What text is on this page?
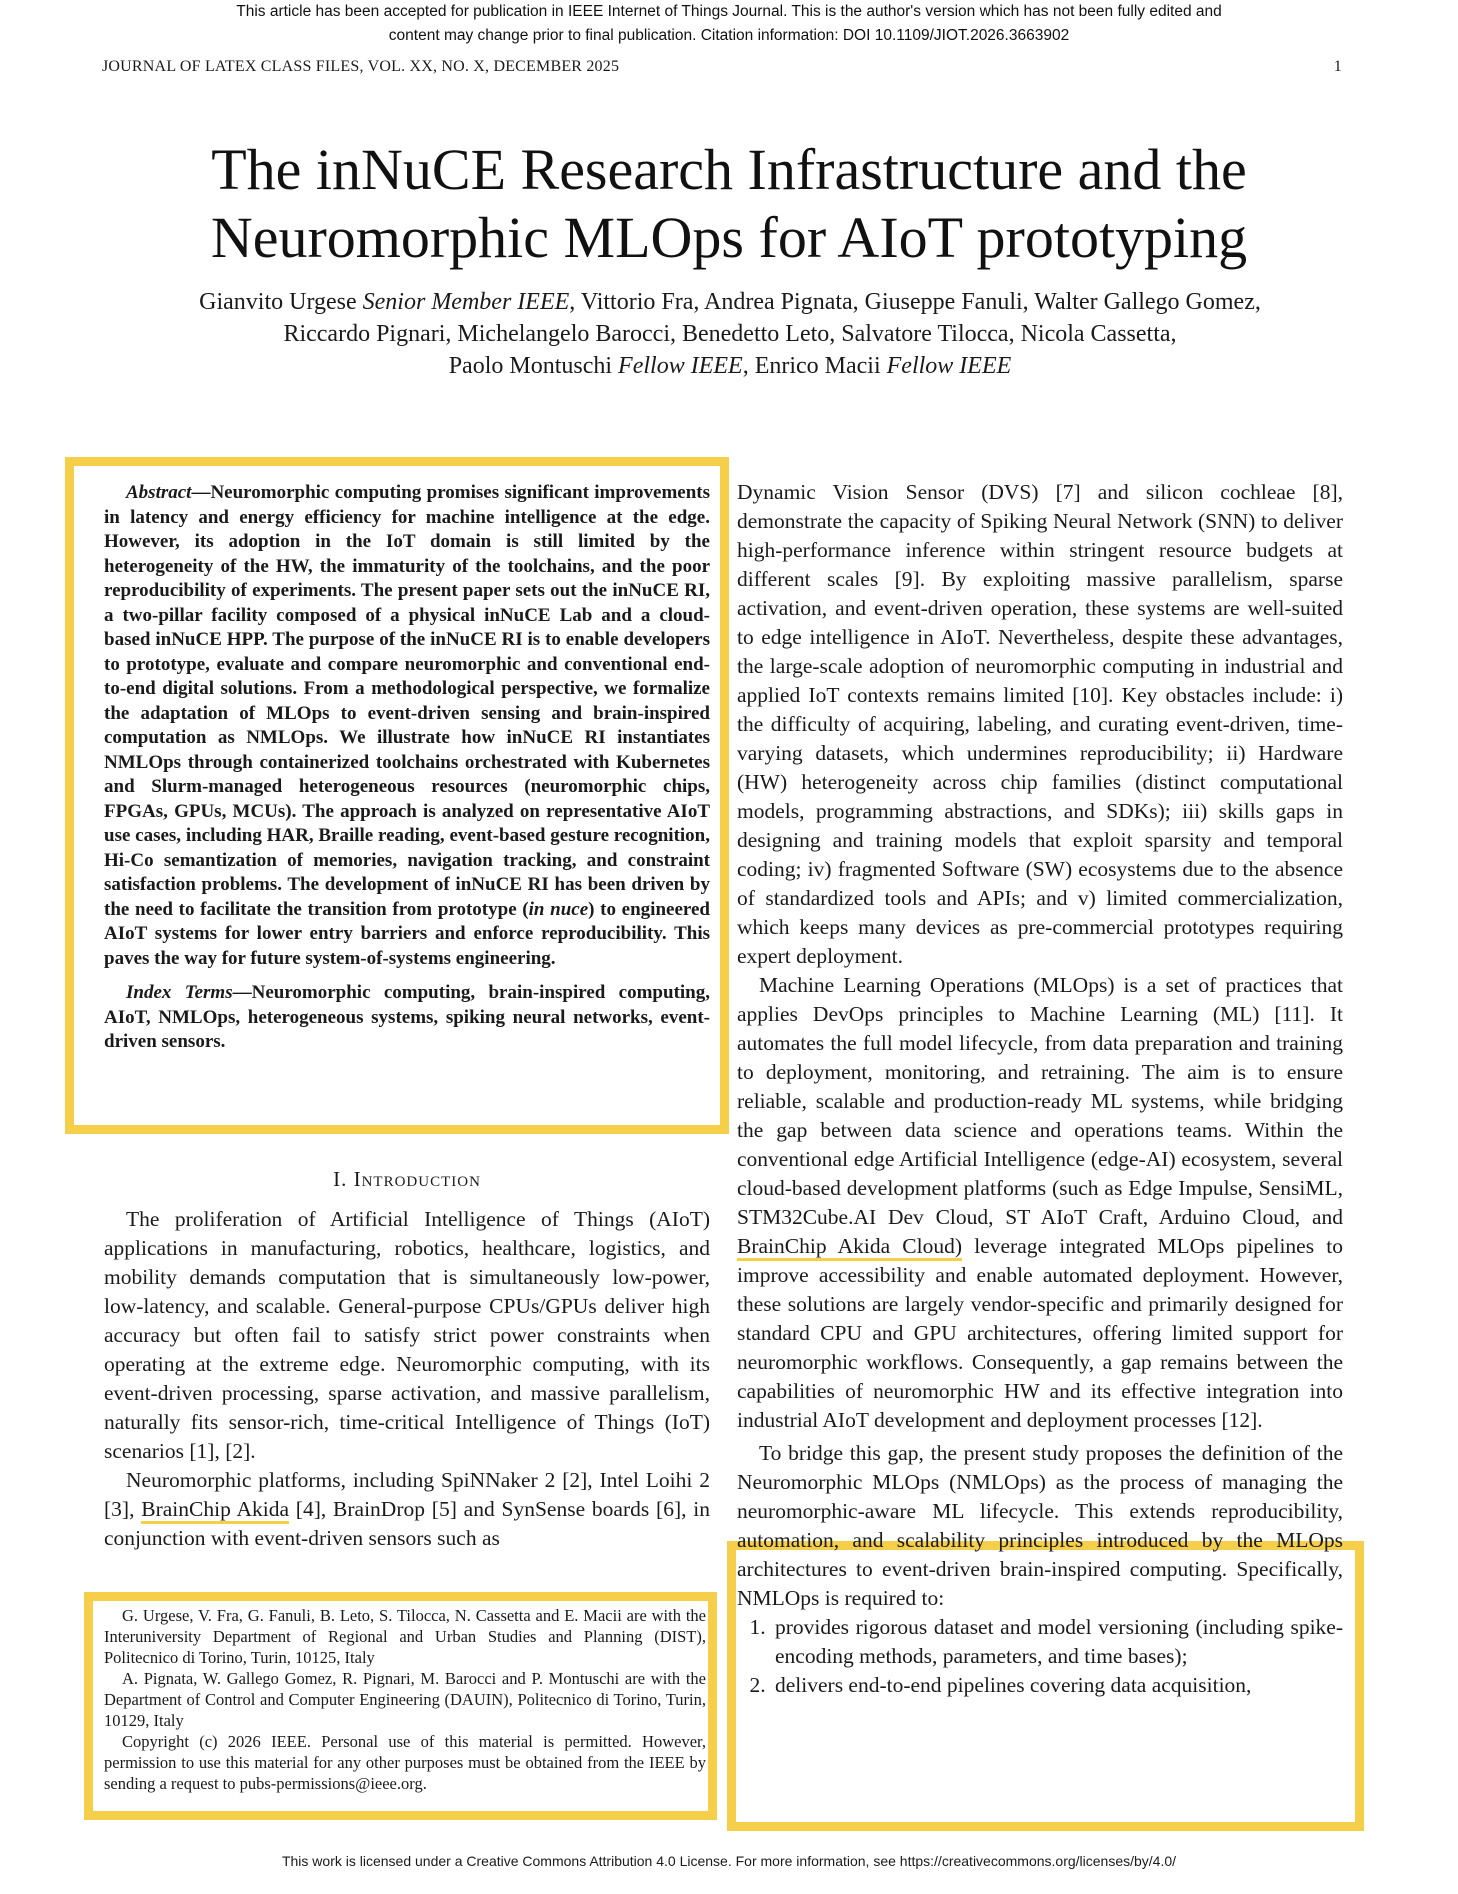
This article has been accepted for publication in IEEE Internet of Things Journal. This is the author's version which has not been fully edited and
content may change prior to final publication. Citation information: DOI 10.1109/JIOT.2026.3663902
JOURNAL OF LATEX CLASS FILES, VOL. XX, NO. X, DECEMBER 2025	1
The inNuCE Research Infrastructure and the
Neuromorphic MLOps for AIoT prototyping
Gianvito Urgese Senior Member IEEE, Vittorio Fra, Andrea Pignata, Giuseppe Fanuli, Walter Gallego Gomez,
Riccardo Pignari, Michelangelo Barocci, Benedetto Leto, Salvatore Tilocca, Nicola Cassetta,
Paolo Montuschi Fellow IEEE, Enrico Macii Fellow IEEE

Abstract—Neuromorphic computing promises significant improvements in latency and energy efficiency for machine intelligence at the edge. However, its adoption in the IoT domain is still limited by the heterogeneity of the HW, the immaturity of the toolchains, and the poor reproducibility of experiments. The present paper sets out the inNuCE RI, a two-pillar facility composed of a physical inNuCE Lab and a cloud-based inNuCE HPP. The purpose of the inNuCE RI is to enable developers to prototype, evaluate and compare neuromorphic and conventional end-to-end digital solutions. From a methodological perspective, we formalize the adaptation of MLOps to event-driven sensing and brain-inspired computation as NMLOps. We illustrate how inNuCE RI instantiates NMLOps through containerized toolchains orchestrated with Kubernetes and Slurm-managed heterogeneous resources (neuromorphic chips, FPGAs, GPUs, MCUs). The approach is analyzed on representative AIoT use cases, including HAR, Braille reading, event-based gesture recognition, Hi-Co semantization of memories, navigation tracking, and constraint satisfaction problems. The development of inNuCE RI has been driven by the need to facilitate the transition from prototype (in nuce) to engineered AIoT systems for lower entry barriers and enforce reproducibility. This paves the way for future system-of-systems engineering.

Index Terms—Neuromorphic computing, brain-inspired computing, AIoT, NMLOps, heterogeneous systems, spiking neural networks, event-driven sensors.

I. Introduction

The proliferation of Artificial Intelligence of Things (AIoT) applications in manufacturing, robotics, healthcare, logistics, and mobility demands computation that is simultaneously low-power, low-latency, and scalable. General-purpose CPUs/GPUs deliver high accuracy but often fail to satisfy strict power constraints when operating at the extreme edge. Neuromorphic computing, with its event-driven processing, sparse activation, and massive parallelism, naturally fits sensor-rich, time-critical Intelligence of Things (IoT) scenarios [1], [2].

Neuromorphic platforms, including SpiNNaker 2 [2], Intel Loihi 2 [3], BrainChip Akida [4], BrainDrop [5] and SynSense boards [6], in conjunction with event-driven sensors such as

G. Urgese, V. Fra, G. Fanuli, B. Leto, S. Tilocca, N. Cassetta and E. Macii are with the Interuniversity Department of Regional and Urban Studies and Planning (DIST), Politecnico di Torino, Turin, 10125, Italy

A. Pignata, W. Gallego Gomez, R. Pignari, M. Barocci and P. Montuschi are with the Department of Control and Computer Engineering (DAUIN), Politecnico di Torino, Turin, 10129, Italy

Copyright (c) 2026 IEEE. Personal use of this material is permitted. However, permission to use this material for any other purposes must be obtained from the IEEE by sending a request to pubs-permissions@ieee.org.

Dynamic Vision Sensor (DVS) [7] and silicon cochleae [8], demonstrate the capacity of Spiking Neural Network (SNN) to deliver high-performance inference within stringent resource budgets at different scales [9]. By exploiting massive parallelism, sparse activation, and event-driven operation, these systems are well-suited to edge intelligence in AIoT. Nevertheless, despite these advantages, the large-scale adoption of neuromorphic computing in industrial and applied IoT contexts remains limited [10]. Key obstacles include: i) the difficulty of acquiring, labeling, and curating event-driven, time-varying datasets, which undermines reproducibility; ii) Hardware (HW) heterogeneity across chip families (distinct computational models, programming abstractions, and SDKs); iii) skills gaps in designing and training models that exploit sparsity and temporal coding; iv) fragmented Software (SW) ecosystems due to the absence of standardized tools and APIs; and v) limited commercialization, which keeps many devices as pre-commercial prototypes requiring expert deployment.

Machine Learning Operations (MLOps) is a set of practices that applies DevOps principles to Machine Learning (ML) [11]. It automates the full model lifecycle, from data preparation and training to deployment, monitoring, and retraining. The aim is to ensure reliable, scalable and production-ready ML systems, while bridging the gap between data science and operations teams. Within the conventional edge Artificial Intelligence (edge-AI) ecosystem, several cloud-based development platforms (such as Edge Impulse, SensiML, STM32Cube.AI Dev Cloud, ST AIoT Craft, Arduino Cloud, and BrainChip Akida Cloud) leverage integrated MLOps pipelines to improve accessibility and enable automated deployment. However, these solutions are largely vendor-specific and primarily designed for standard CPU and GPU architectures, offering limited support for neuromorphic workflows. Consequently, a gap remains between the capabilities of neuromorphic HW and its effective integration into industrial AIoT development and deployment processes [12].

To bridge this gap, the present study proposes the definition of the Neuromorphic MLOps (NMLOps) as the process of managing the neuromorphic-aware ML lifecycle. This extends reproducibility, automation, and scalability principles introduced by the MLOps architectures to event-driven brain-inspired computing. Specifically, NMLOps is required to:

1. provides rigorous dataset and model versioning (including spike-encoding methods, parameters, and time bases);
2. delivers end-to-end pipelines covering data acquisition,
This work is licensed under a Creative Commons Attribution 4.0 License. For more information, see https://creativecommons.org/licenses/by/4.0/
